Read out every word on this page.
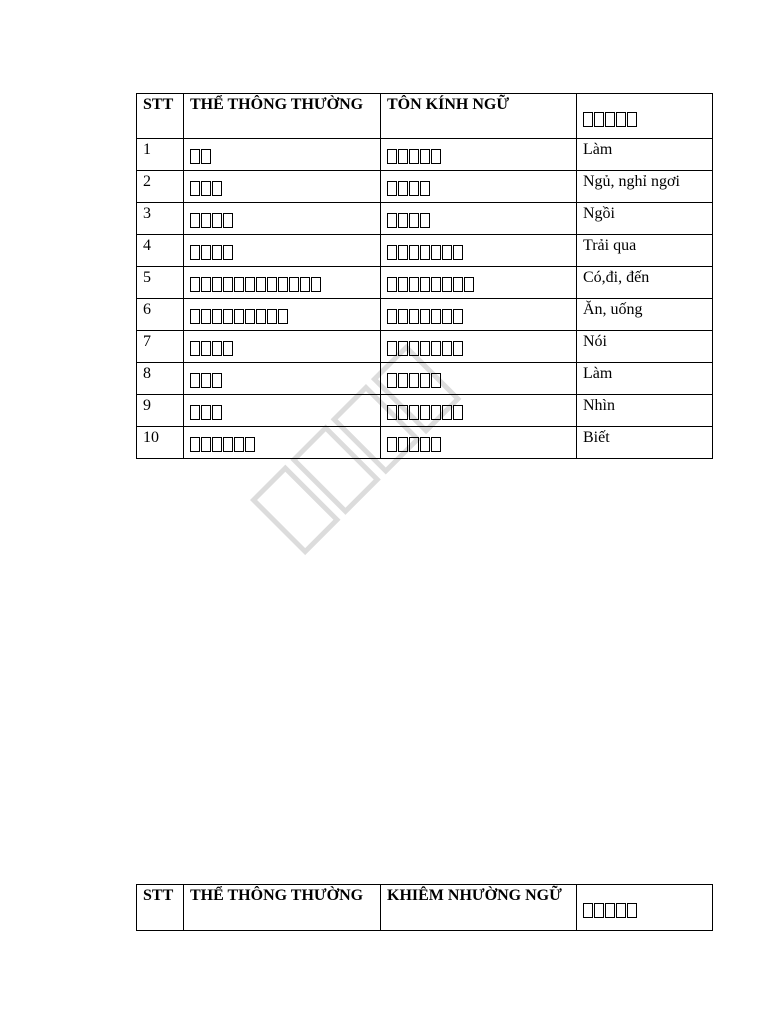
STT	THỂ THÔNG THƯỜNG	TÔN KÍNH NGỮ	

1			Làm
2			Ngủ, nghỉ ngơi
3			Ngồi
4			Trải qua
5			Có,đi, đến
6			Ăn, uống
7			Nói
8			Làm
9			Nhìn
10			Biết
STT	THỂ THÔNG THƯỜNG	KHIÊM NHƯỜNG NGỮ	
